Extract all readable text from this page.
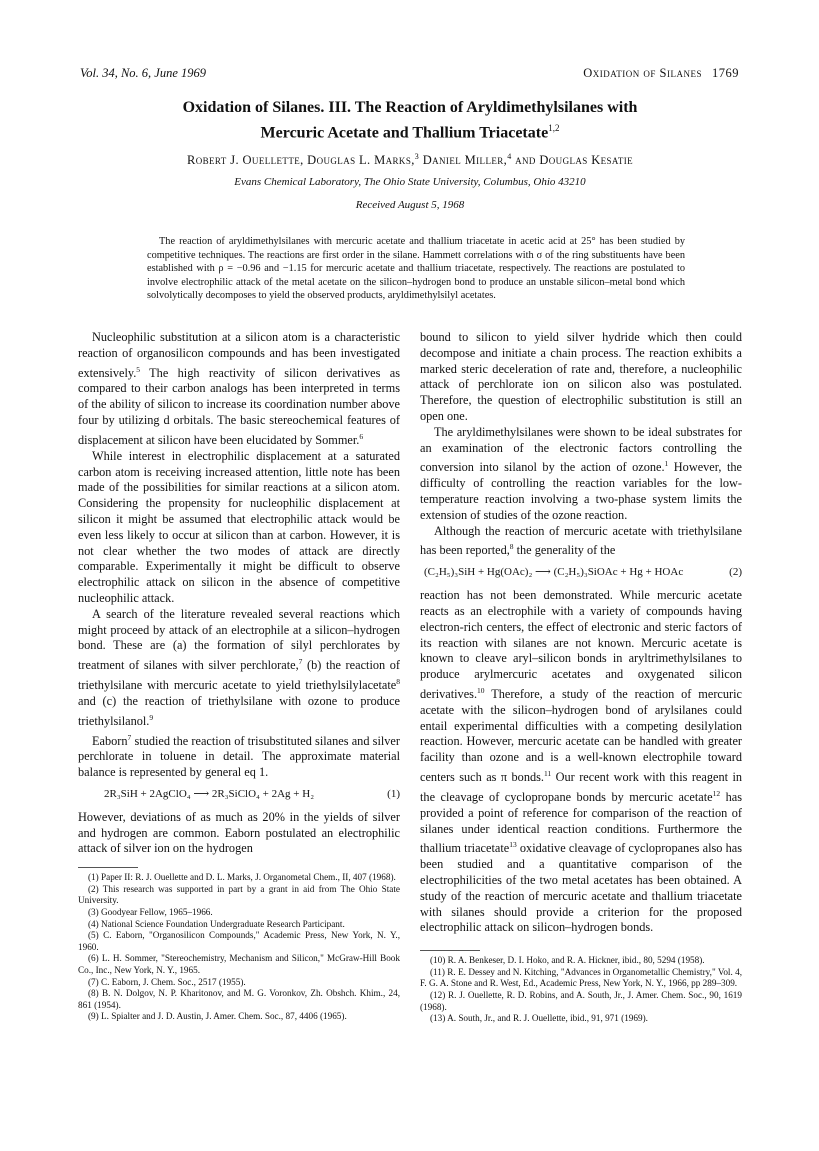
Vol. 34, No. 6, June 1969	Oxidation of Silanes 1769
Oxidation of Silanes. III. The Reaction of Aryldimethylsilanes with
Mercuric Acetate and Thallium Triacetate$^{1,2}$
Robert J. Ouellette, Douglas L. Marks,$^3$ Daniel Miller,$^4$ and Douglas Kesatie
Evans Chemical Laboratory, The Ohio State University, Columbus, Ohio 43210
Received August 5, 1968
The reaction of aryldimethylsilanes with mercuric acetate and thallium triacetate in acetic acid at 25° has been studied by competitive techniques. The reactions are first order in the silane. Hammett correlations with σ of the ring substituents have been established with ρ = −0.96 and −1.15 for mercuric acetate and thallium triacetate, respectively. The reactions are postulated to involve electrophilic attack of the metal acetate on the silicon–hydrogen bond to produce an unstable silicon–metal bond which solvolytically decomposes to yield the observed products, aryldimethylsilyl acetates.

Nucleophilic substitution at a silicon atom is a characteristic reaction of organosilicon compounds and has been investigated extensively.$^5$ The high reactivity of silicon derivatives as compared to their carbon analogs has been interpreted in terms of the ability of silicon to increase its coordination number above four by utilizing d orbitals. The basic stereochemical features of displacement at silicon have been elucidated by Sommer.$^6$

While interest in electrophilic displacement at a saturated carbon atom is receiving increased attention, little note has been made of the possibilities for similar reactions at a silicon atom. Considering the propensity for nucleophilic displacement at silicon it might be assumed that electrophilic attack would be even less likely to occur at silicon than at carbon. However, it is not clear whether the two modes of attack are directly comparable. Experimentally it might be difficult to observe electrophilic attack on silicon in the absence of competitive nucleophilic attack.

A search of the literature revealed several reactions which might proceed by attack of an electrophile at a silicon–hydrogen bond. These are (a) the formation of silyl perchlorates by treatment of silanes with silver perchlorate,$^7$ (b) the reaction of triethylsilane with mercuric acetate to yield triethylsilylacetate$^8$ and (c) the reaction of triethylsilane with ozone to produce triethylsilanol.$^9$

Eaborn$^7$ studied the reaction of trisubstituted silanes and silver perchlorate in toluene in detail. The approximate material balance is represented by general eq 1.

2R₃SiH + 2AgClO₄ ⟶ 2R₃SiClO₄ + 2Ag + H₂	(1)

However, deviations of as much as 20% in the yields of silver and hydrogen are common. Eaborn postulated an electrophilic attack of silver ion on the hydrogen

(1) Paper II: R. J. Ouellette and D. L. Marks, J. Organometal Chem., II, 407 (1968).
(2) This research was supported in part by a grant in aid from The Ohio State University.
(3) Goodyear Fellow, 1965–1966.
(4) National Science Foundation Undergraduate Research Participant.
(5) C. Eaborn, "Organosilicon Compounds," Academic Press, New York, N. Y., 1960.
(6) L. H. Sommer, "Stereochemistry, Mechanism and Silicon," McGraw-Hill Book Co., Inc., New York, N. Y., 1965.
(7) C. Eaborn, J. Chem. Soc., 2517 (1955).
(8) B. N. Dolgov, N. P. Kharitonov, and M. G. Voronkov, Zh. Obshch. Khim., 24, 861 (1954).
(9) L. Spialter and J. D. Austin, J. Amer. Chem. Soc., 87, 4406 (1965).

bound to silicon to yield silver hydride which then could decompose and initiate a chain process. The reaction exhibits a marked steric deceleration of rate and, therefore, a nucleophilic attack of perchlorate ion on silicon also was postulated. Therefore, the question of electrophilic substitution is still an open one.

The aryldimethylsilanes were shown to be ideal substrates for an examination of the electronic factors controlling the conversion into silanol by the action of ozone.$^1$ However, the difficulty of controlling the reaction variables for the low-temperature reaction involving a two-phase system limits the extension of studies of the ozone reaction.

Although the reaction of mercuric acetate with triethylsilane has been reported,$^8$ the generality of the

(C₂H₅)₃SiH + Hg(OAc)₂ ⟶ (C₂H₅)₃SiOAc + Hg + HOAc	(2)

reaction has not been demonstrated. While mercuric acetate reacts as an electrophile with a variety of compounds having electron-rich centers, the effect of electronic and steric factors of its reaction with silanes are not known. Mercuric acetate is known to cleave aryl–silicon bonds in aryltrimethylsilanes to produce arylmercuric acetates and oxygenated silicon derivatives.$^{10}$ Therefore, a study of the reaction of mercuric acetate with the silicon–hydrogen bond of arylsilanes could entail experimental difficulties with a competing desilylation reaction. However, mercuric acetate can be handled with greater facility than ozone and is a well-known electrophile toward centers such as π bonds.$^{11}$ Our recent work with this reagent in the cleavage of cyclopropane bonds by mercuric acetate$^{12}$ has provided a point of reference for comparison of the reaction of silanes under identical reaction conditions. Furthermore the thallium triacetate$^{13}$ oxidative cleavage of cyclopropanes also has been studied and a quantitative comparison of the electrophilicities of the two metal acetates has been obtained. A study of the reaction of mercuric acetate and thallium triacetate with silanes should provide a criterion for the proposed electrophilic attack on silicon–hydrogen bonds.

(10) R. A. Benkeser, D. I. Hoko, and R. A. Hickner, ibid., 80, 5294 (1958).
(11) R. E. Dessey and N. Kitching, "Advances in Organometallic Chemistry," Vol. 4, F. G. A. Stone and R. West, Ed., Academic Press, New York, N. Y., 1966, pp 289–309.
(12) R. J. Ouellette, R. D. Robins, and A. South, Jr., J. Amer. Chem. Soc., 90, 1619 (1968).
(13) A. South, Jr., and R. J. Ouellette, ibid., 91, 971 (1969).
